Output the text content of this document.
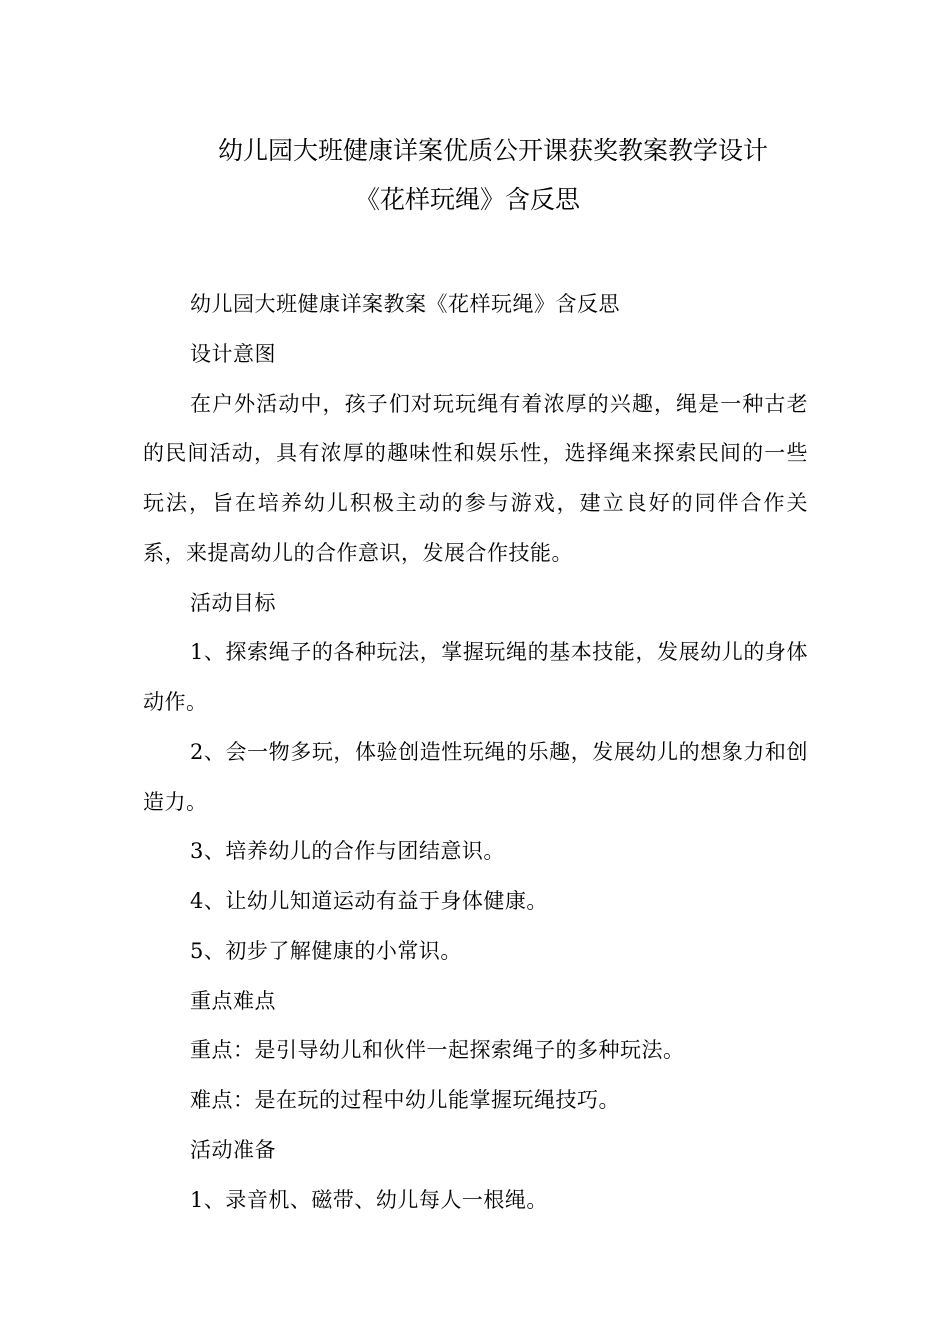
幼儿园大班健康详案优质公开课获奖教案教学设计
《花样玩绳》含反思

幼儿园大班健康详案教案《花样玩绳》含反思

设计意图

在户外活动中，孩子们对玩玩绳有着浓厚的兴趣，绳是一种古老的民间活动，具有浓厚的趣味性和娱乐性，选择绳来探索民间的一些玩法，旨在培养幼儿积极主动的参与游戏，建立良好的同伴合作关系，来提高幼儿的合作意识，发展合作技能。

活动目标

1、探索绳子的各种玩法，掌握玩绳的基本技能，发展幼儿的身体动作。

2、会一物多玩，体验创造性玩绳的乐趣，发展幼儿的想象力和创造力。

3、培养幼儿的合作与团结意识。

4、让幼儿知道运动有益于身体健康。

5、初步了解健康的小常识。

重点难点

重点：是引导幼儿和伙伴一起探索绳子的多种玩法。

难点：是在玩的过程中幼儿能掌握玩绳技巧。

活动准备

1、录音机、磁带、幼儿每人一根绳。
